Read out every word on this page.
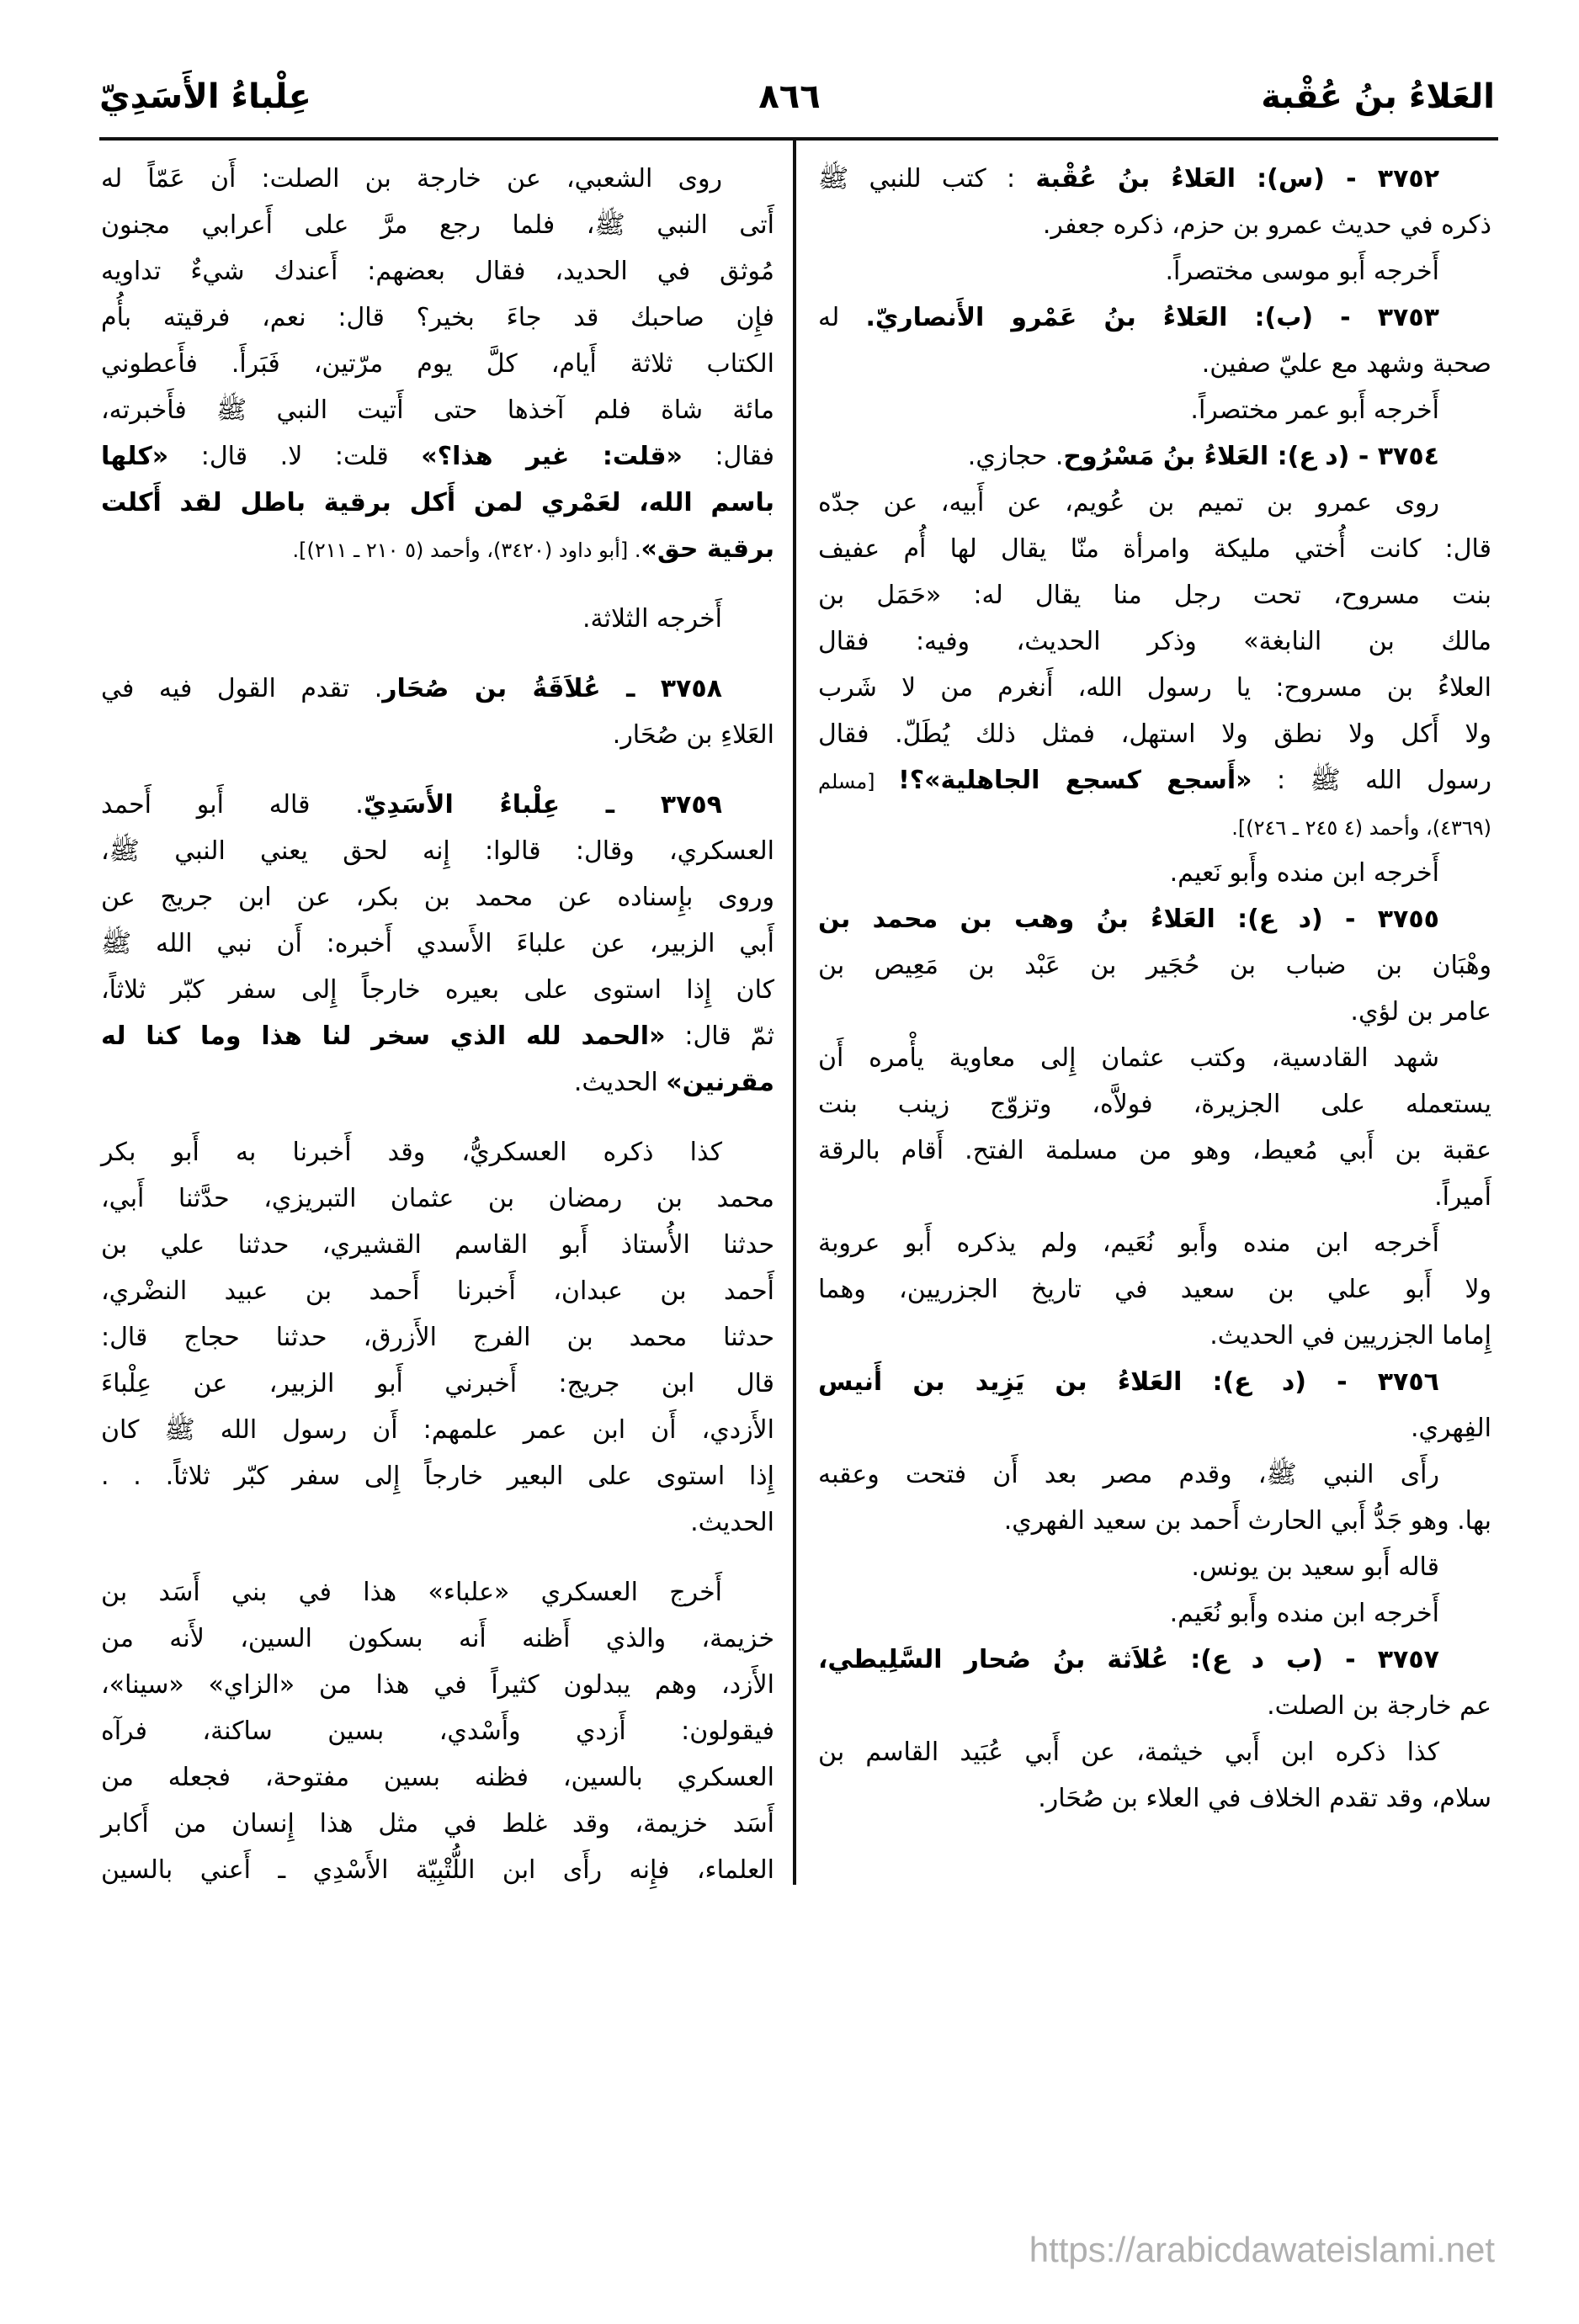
العَلاءُ بنُ عُقْبة
٨٦٦
عِلْباءُ الأَسَدِيّ
٣٧٥٢ - (س): العَلاءُ بنُ عُقْبة : كتب للنبي ﷺ
ذكره في حديث عمرو بن حزم، ذكره جعفر.
أَخرجه أَبو موسى مختصراً.
٣٧٥٣ - (ب): العَلاءُ بنُ عَمْرو الأَنصاريّ. له
صحبة وشهد مع عليّ صفين.
أَخرجه أَبو عمر مختصراً.
٣٧٥٤ - (د ع): العَلاءُ بنُ مَسْرُوح. حجازي.
روى عمرو بن تميم بن عُويم، عن أَبيه، عن جدّه
قال: كانت أُختي مليكة وامرأة منّا يقال لها أُم عفيف
بنت مسروح، تحت رجل منا يقال له: «حَمَل بن
مالك بن النابغة» وذكر الحديث، وفيه: فقال
العلاءُ بن مسروح: يا رسول الله، أَنغرم من لا شَرب
ولا أَكل ولا نطق ولا استهل، فمثل ذلك يُطَلّ. فقال
رسول الله ﷺ : «أَسجع كسجع الجاهلية»؟! [مسلم
(٤٣٦٩)، وأحمد (٤ ٢٤٥ ـ ٢٤٦)].
أَخرجه ابن منده وأَبو نَعيم.
٣٧٥٥ - (د ع): العَلاءُ بنُ وهب بن محمد بن
وهْبَان بن ضباب بن حُجَير بن عَبْد بن مَعِيص بن
عامر بن لؤي.
شهد القادسية، وكتب عثمان إِلى معاوية يأْمره أَن
يستعمله على الجزيرة، فولاَّه، وتزوّج زينب بنت
عقبة بن أَبي مُعيط، وهو من مسلمة الفتح. أَقام بالرقة
أَميراً.
أَخرجه ابن منده وأَبو نُعَيم، ولم يذكره أَبو عروبة
ولا أَبو علي بن سعيد في تاريخ الجزريين، وهما
إِماما الجزريين في الحديث.
٣٧٥٦ - (د ع): العَلاءُ بن يَزِيد بن أَنيس
الفِهري.
رأَى النبي ﷺ، وقدم مصر بعد أَن فتحت وعقبه
بها. وهو جَدُّ أَبي الحارث أَحمد بن سعيد الفهري.
قاله أَبو سعيد بن يونس.
أَخرجه ابن منده وأَبو نُعَيم.
٣٧٥٧ - (ب د ع): عُلاَثة بنُ صُحار السَّلِيطي،
عم خارجة بن الصلت.
كذا ذكره ابن أَبي خيثمة، عن أَبي عُبَيد القاسم بن
سلام، وقد تقدم الخلاف في العلاء بن صُحَار.
روى الشعبي، عن خارجة بن الصلت: أَن عَمّاً له
أَتى النبي ﷺ، فلما رجع مرَّ على أَعرابي مجنون
مُوثق في الحديد، فقال بعضهم: أَعندك شيءٌ تداويه
فإِن صاحبك قد جاءَ بخير؟ قال: نعم، فرقيته بأُم
الكتاب ثلاثة أَيام، كلَّ يوم مرّتين، فَبَرأَ. فأَعطوني
مائة شاة فلم آخذها حتى أَتيت النبي ﷺ فأَخبرته،
فقال: «قلت: غير هذا؟» قلت: لا. قال: «كلها
باسم الله، لعَمْري لمن أَكل برقية باطل لقد أَكلت
برقية حق». [أبو داود (٣٤٢٠)، وأحمد (٥ ٢١٠ ـ ٢١١)].
أَخرجه الثلاثة.
٣٧٥٨ ـ عُلاَقَةُ بن صُحَار. تقدم القول فيه في
العَلاءِ بن صُحَار.
٣٧٥٩ ـ عِلْباءُ الأَسَدِيّ. قاله أَبو أَحمد
العسكري، وقال: قالوا: إِنه لحق يعني النبي ﷺ،
وروى بإِسناده عن محمد بن بكر، عن ابن جريج عن
أَبي الزبير، عن علباءَ الأَسدي أَخبره: أَن نبي الله ﷺ
كان إِذا استوى على بعيره خارجاً إِلى سفر كبّر ثلاثاً،
ثمّ قال: «الحمد لله الذي سخر لنا هذا وما كنا له
مقرنين» الحديث.
كذا ذكره العسكريُّ، وقد أَخبرنا به أَبو بكر
محمد بن رمضان بن عثمان التبريزي، حدَّثنا أَبي،
حدثنا الأُستاذ أَبو القاسم القشيري، حدثنا علي بن
أَحمد بن عبدان، أَخبرنا أَحمد بن عبيد النضْري،
حدثنا محمد بن الفرج الأَزرق، حدثنا حجاج قال:
قال ابن جريج: أَخبرني أَبو الزبير، عن عِلْباءَ
الأَزدي، أَن ابن عمر علمهم: أَن رسول الله ﷺ كان
إِذا استوى على البعير خارجاً إِلى سفر كبّر ثلاثاً. . .
الحديث.
أَخرج العسكري «علباء» هذا في بني أَسَد بن
خزيمة، والذي أَظنه أَنه بسكون السين، لأَنه من
الأَزد، وهم يبدلون كثيراً في هذا من «الزاي» «سينا»،
فيقولون: أَزدي وأَسْدي، بسين ساكنة، فرآه
العسكري بالسين، فظنه بسين مفتوحة، فجعله من
أَسَد خزيمة، وقد غلط في مثل هذا إِنسان من أَكابر
العلماء، فإِنه رأَى ابن اللُّتْبِيّة الأَسْدِي ـ أَعني بالسين
https://arabicdawateislami.net
